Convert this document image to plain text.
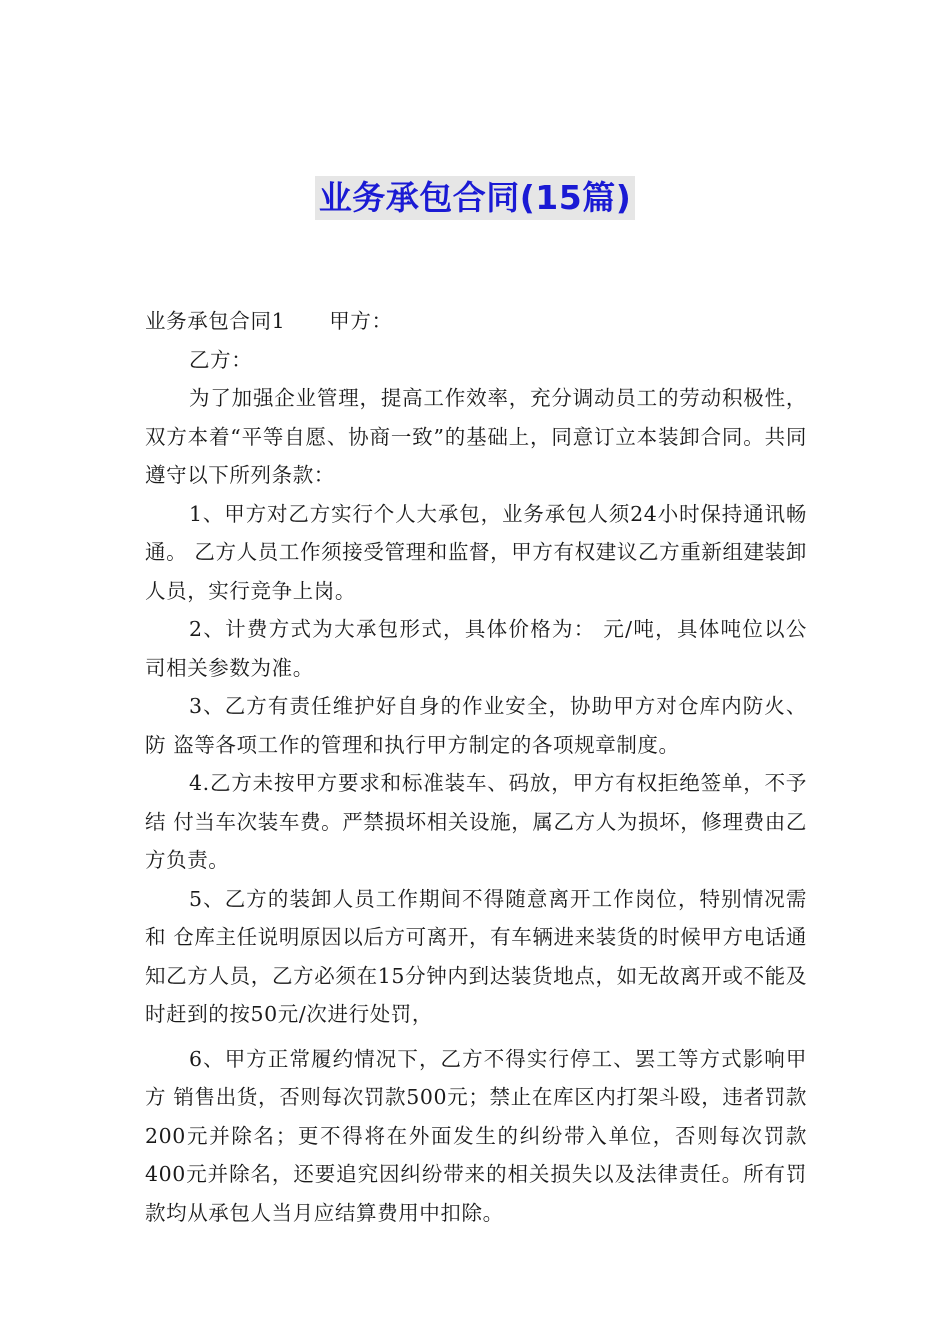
业务承包合同(15篇)

业务承包合同1 甲方：

乙方：

为了加强企业管理，提高工作效率，充分调动员工的劳动积极性，双方本着“平等自愿、协商一致”的基础上，同意订立本装卸合同。共同遵守以下所列条款：

1、甲方对乙方实行个人大承包，业务承包人须24小时保持通讯畅通。 乙方人员工作须接受管理和监督，甲方有权建议乙方重新组建装卸人员，实行竞争上岗。

2、计费方式为大承包形式，具体价格为： 元/吨，具体吨位以公司相关参数为准。

3、乙方有责任维护好自身的作业安全，协助甲方对仓库内防火、防 盗等各项工作的管理和执行甲方制定的各项规章制度。

4.乙方未按甲方要求和标准装车、码放，甲方有权拒绝签单，不予结 付当车次装车费。严禁损坏相关设施，属乙方人为损坏，修理费由乙 方负责。

5、乙方的装卸人员工作期间不得随意离开工作岗位，特别情况需和 仓库主任说明原因以后方可离开，有车辆进来装货的时候甲方电话通知乙方人员，乙方必须在15分钟内到达装货地点，如无故离开或不能及时赶到的按50元/次进行处罚，

6、甲方正常履约情况下，乙方不得实行停工、罢工等方式影响甲方 销售出货，否则每次罚款500元；禁止在库区内打架斗殴，违者罚款200元并除名；更不得将在外面发生的纠纷带入单位，否则每次罚款400元并除名，还要追究因纠纷带来的相关损失以及法律责任。所有罚款均从承包人当月应结算费用中扣除。
